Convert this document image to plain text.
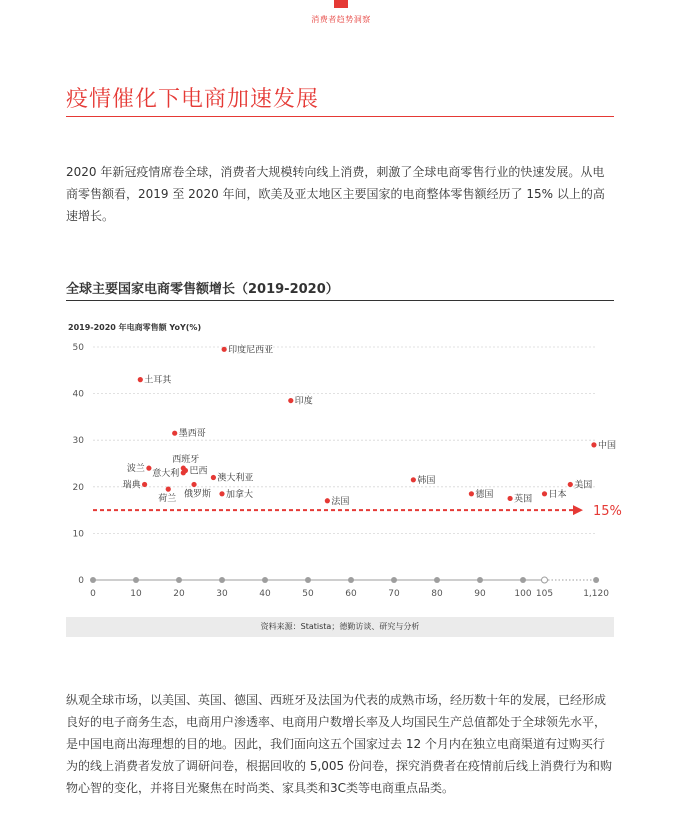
消费者趋势洞察
疫情催化下电商加速发展

2020 年新冠疫情席卷全球，消费者大规模转向线上消费，刺激了全球电商零售行业的快速发展。从电商零售额看，2019 至 2020 年间，欧美及亚太地区主要国家的电商整体零售额经历了 15% 以上的高速增长。

全球主要国家电商零售额增长（2019-2020）
2019-2020 年电商零售额 YoY(%)
0
10
20
30
40
50
0	10	20	30	40	50	60	70	80	90	100 105	1,120
15%
印度尼西亚
土耳其
印度
墨西哥
西班牙
波兰 意大利 巴西
澳大利亚
瑞典
俄罗斯
荷兰	加拿大
法国
韩国
德国 英国 日本
美国
中国
资料来源：Statista；德勤访谈、研究与分析

纵观全球市场，以美国、英国、德国、西班牙及法国为代表的成熟市场，经历数十年的发展，已经形成良好的电子商务生态，电商用户渗透率、电商用户数增长率及人均国民生产总值都处于全球领先水平，是中国电商出海理想的目的地。因此，我们面向这五个国家过去 12 个月内在独立电商渠道有过购买行为的线上消费者发放了调研问卷，根据回收的 5,005 份问卷，探究消费者在疫情前后线上消费行为和购物心智的变化，并将目光聚焦在时尚类、家具类和3C类等电商重点品类。
